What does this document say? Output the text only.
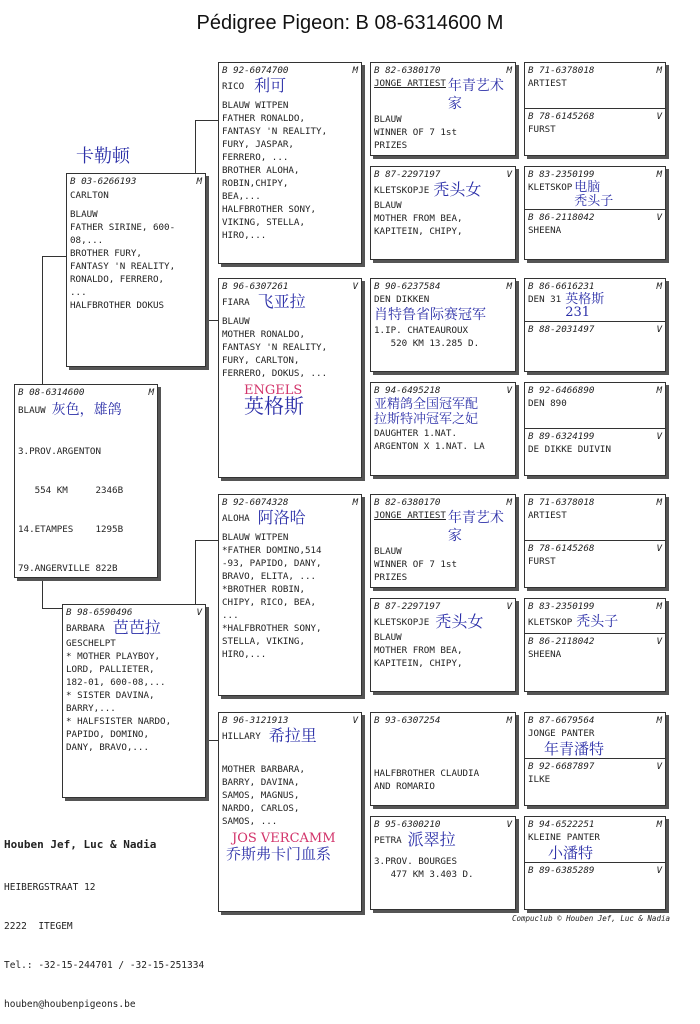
Pédigree Pigeon: B 08-6314600 M
B 08-6314600	M
BLAUW 灰色，雄鸽

3.PROV.ARGENTON

554 KM     2346B

14.ETAMPES    1295B

79.ANGERVILLE 822B

卡勒顿
B 03-6266193	M
CARLTON
BLAUW
FATHER SIRINE, 600-
08,...
BROTHER FURY,
FANTASY 'N REALITY,
RONALDO, FERRERO,
...
HALFBROTHER DOKUS
B 98-6590496	V
BARBARA 芭芭拉
GESCHELPT
* MOTHER PLAYBOY,
LORD, PALLIETER,
182-01, 600-08,...
* SISTER DAVINA,
BARRY,...
* HALFSISTER NARDO,
PAPIDO, DOMINO,
DANY, BRAVO,...
B 92-6074700	M
RICO 利可
BLAUW WITPEN
FATHER RONALDO,
FANTASY 'N REALITY,
FURY, JASPAR,
FERRERO, ...
BROTHER ALOHA,
ROBIN,CHIPY,
BEA,...
HALFBROTHER SONY,
VIKING, STELLA,
HIRO,...
B 96-6307261	V
FIARA 飞亚拉
BLAUW
MOTHER RONALDO,
FANTASY 'N REALITY,
FURY, CARLTON,
FERRERO, DOKUS, ...
ENGELS
英格斯
B 92-6074328	M
ALOHA 阿洛哈
BLAUW WITPEN
*FATHER DOMINO,514
-93, PAPIDO, DANY,
BRAVO, ELITA, ...
*BROTHER ROBIN,
CHIPY, RICO, BEA,
...
*HALFBROTHER SONY,
STELLA, VIKING,
HIRO,...
B 96-3121913	V
HILLARY 希拉里
MOTHER BARBARA,
BARRY, DAVINA,
SAMOS, MAGNUS,
NARDO, CARLOS,
SAMOS, ...
JOS VERCAMM
乔斯弗卡门血系
B 82-6380170	M
JONGE ARTIEST 年青艺术家
BLAUW
WINNER OF 7 1st
PRIZES
B 87-2297197	V
KLETSKOPJE 秃头女
BLAUW
MOTHER FROM BEA,
KAPITEIN, CHIPY,
B 90-6237584	M
DEN DIKKEN
肖特鲁省际赛冠军
1.IP. CHATEAUROUX
520 KM 13.285 D.
B 94-6495218	V
亚精鸽全国冠军配
拉斯特冲冠军之妃
DAUGHTER 1.NAT.
ARGENTON X 1.NAT. LA
B 82-6380170	M
JONGE ARTIEST 年青艺术家
BLAUW
WINNER OF 7 1st
PRIZES
B 87-2297197	V
KLETSKOPJE 秃头女
BLAUW
MOTHER FROM BEA,
KAPITEIN, CHIPY,
B 93-6307254	M
HALFBROTHER CLAUDIA
AND ROMARIO
B 95-6300210	V
PETRA 派翠拉
3.PROV. BOURGES
477 KM 3.403 D.
B 71-6378018	M
ARTIEST
B 78-6145268	V
FURST
B 83-2350199	M
KLETSKOP 电脑
秃头子
B 86-2118042	V
SHEENA
B 86-6616231	M
DEN 31 英格斯
231
B 88-2031497	V
B 92-6466890	M
DEN 890
B 89-6324199	V
DE DIKKE DUIVIN
B 71-6378018	M
ARTIEST
B 78-6145268	V
FURST
B 83-2350199	M
KLETSKOP 秃头子
B 86-2118042	V
SHEENA
B 87-6679564	M
JONGE PANTER
年青潘特
B 92-6687897	V
ILKE
B 94-6522251	M
KLEINE PANTER
小潘特
B 89-6385289	V
Houben Jef, Luc & Nadia

HEIBERGSTRAAT 12

2222  ITEGEM

Tel.: -32-15-244701 / -32-15-251334

houben@houbenpigeons.be

Compuclub © Houben Jef, Luc & Nadia
